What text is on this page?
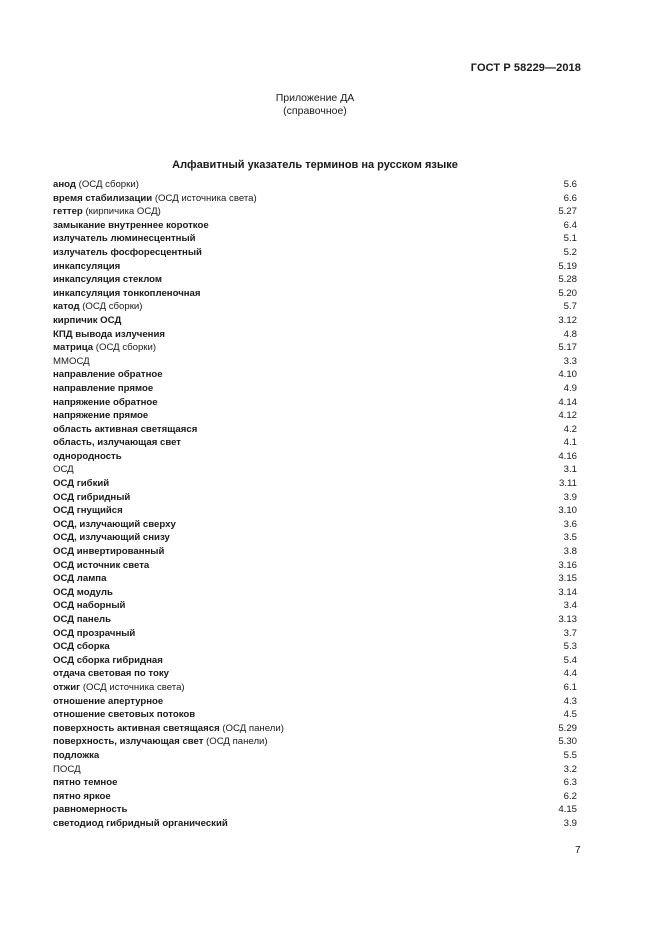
ГОСТ Р 58229—2018
Приложение ДА
(справочное)
Алфавитный указатель терминов на русском языке
анод (ОСД сборки)	5.6
время стабилизации (ОСД источника света)	6.6
геттер (кирпичика ОСД)	5.27
замыкание внутреннее короткое	6.4
излучатель люминесцентный	5.1
излучатель фосфоресцентный	5.2
инкапсуляция	5.19
инкапсуляция стеклом	5.28
инкапсуляция тонкопленочная	5.20
катод (ОСД сборки)	5.7
кирпичик ОСД	3.12
КПД вывода излучения	4.8
матрица (ОСД сборки)	5.17
ММОСД	3.3
направление обратное	4.10
направление прямое	4.9
напряжение обратное	4.14
напряжение прямое	4.12
область активная светящаяся	4.2
область, излучающая свет	4.1
однородность	4.16
ОСД	3.1
ОСД гибкий	3.11
ОСД гибридный	3.9
ОСД гнущийся	3.10
ОСД, излучающий сверху	3.6
ОСД, излучающий снизу	3.5
ОСД инвертированный	3.8
ОСД источник света	3.16
ОСД лампа	3.15
ОСД модуль	3.14
ОСД наборный	3.4
ОСД панель	3.13
ОСД прозрачный	3.7
ОСД сборка	5.3
ОСД сборка гибридная	5.4
отдача световая по току	4.4
отжиг (ОСД источника света)	6.1
отношение апертурное	4.3
отношение световых потоков	4.5
поверхность активная светящаяся (ОСД панели)	5.29
поверхность, излучающая свет (ОСД панели)	5.30
подложка	5.5
ПОСД	3.2
пятно темное	6.3
пятно яркое	6.2
равномерность	4.15
светодиод гибридный органический	3.9
7
